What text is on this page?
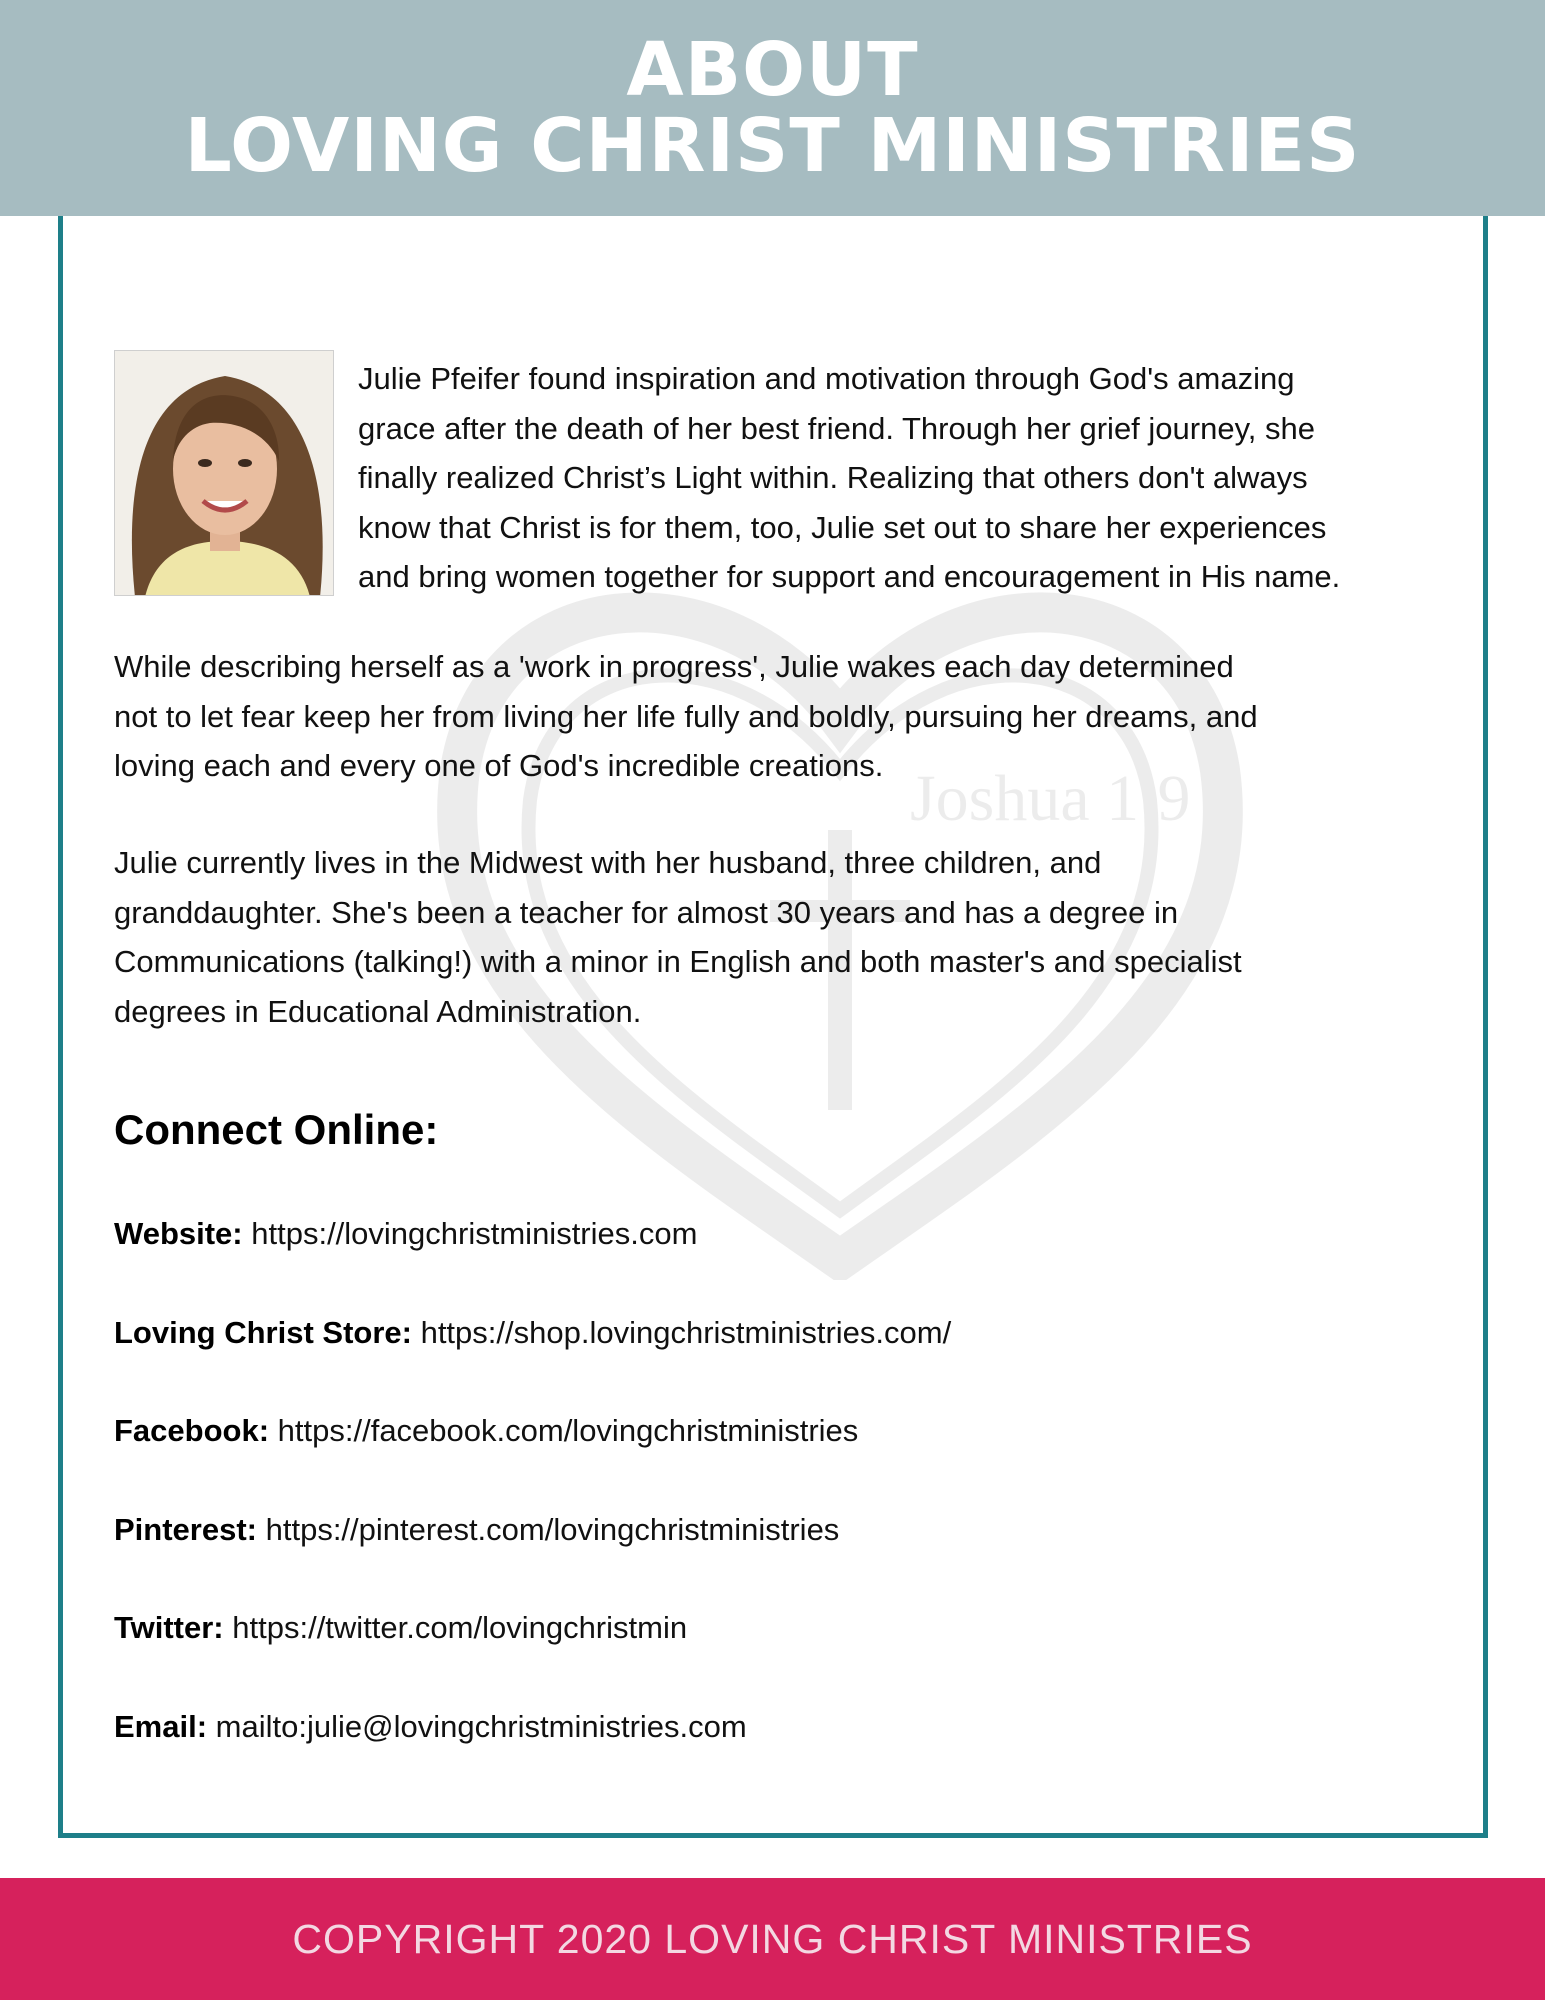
ABOUT
LOVING CHRIST MINISTRIES
Joshua 1:9

Julie Pfeifer found inspiration and motivation through God's amazing
grace after the death of her best friend. Through her grief journey, she
finally realized Christ’s Light within. Realizing that others don't always
know that Christ is for them, too, Julie set out to share her experiences
and bring women together for support and encouragement in His name.

While describing herself as a 'work in progress', Julie wakes each day determined
not to let fear keep her from living her life fully and boldly, pursuing her dreams, and
loving each and every one of God's incredible creations.

Julie currently lives in the Midwest with her husband, three children, and
granddaughter. She's been a teacher for almost 30 years and has a degree in
Communications (talking!) with a minor in English and both master's and specialist
degrees in Educational Administration.

Connect Online:
Website: https://lovingchristministries.com
Loving Christ Store: https://shop.lovingchristministries.com/
Facebook: https://facebook.com/lovingchristministries
Pinterest: https://pinterest.com/lovingchristministries
Twitter: https://twitter.com/lovingchristmin
Email: mailto:julie@lovingchristministries.com
COPYRIGHT 2020 LOVING CHRIST MINISTRIES
